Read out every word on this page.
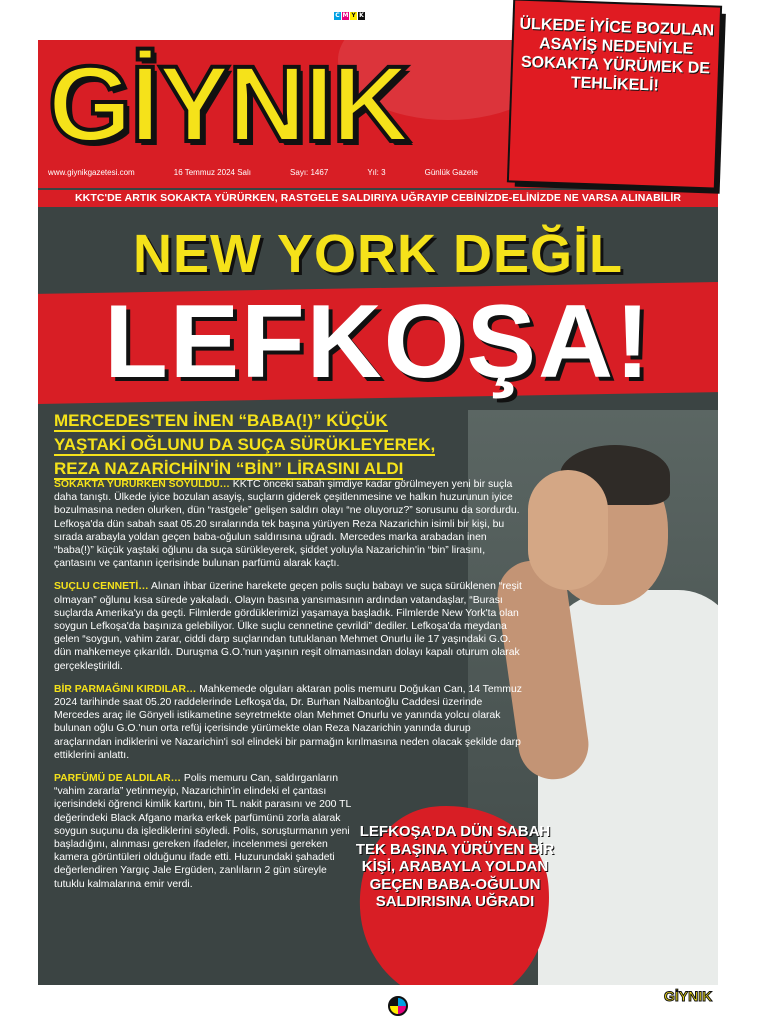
C M Y K
GİYNIK
www.giynikgazetesi.com	16 Temmuz 2024 Salı	Sayı: 1467	Yıl: 3	Günlük Gazete
KKTC'DE ARTIK SOKAKTA YÜRÜRKEN, RASTGELE SALDIRIYA UĞRAYIP CEBİNİZDE-ELİNİZDE NE VARSA ALINABİLİR
NEW YORK DEĞİL
LEFKOŞA!

MERCEDES'TEN İNEN “BABA(!)” KÜÇÜK

YAŞTAKİ OĞLUNU DA SUÇA SÜRÜKLEYEREK,

REZA NAZARİCHİN'İN “BİN” LİRASINI ALDI

SOKAKTA YÜRÜRKEN SOYULDU… KKTC önceki sabah şimdiye kadar görülmeyen yeni bir suçla daha tanıştı. Ülkede iyice bozulan asayiş, suçların giderek çeşitlenmesine ve halkın huzurunun iyice bozulmasına neden olurken, dün “rastgele” gelişen saldırı olayı “ne oluyoruz?” sorusunu da sordurdu. Lefkoşa'da dün sabah saat 05.20 sıralarında tek başına yürüyen Reza Nazarichin isimli bir kişi, bu sırada arabayla yoldan geçen baba-oğulun saldırısına uğradı. Mercedes marka arabadan inen “baba(!)” küçük yaştaki oğlunu da suça sürükleyerek, şiddet yoluyla Nazarichin'in “bin” lirasını, çantasını ve çantanın içerisinde bulunan parfümü alarak kaçtı.

SUÇLU CENNETİ… Alınan ihbar üzerine harekete geçen polis suçlu babayı ve suça sürüklenen “reşit olmayan” oğlunu kısa sürede yakaladı. Olayın basına yansımasının ardından vatandaşlar, “Burası suçlarda Amerika'yı da geçti. Filmlerde gördüklerimizi yaşamaya başladık. Filmlerde New York'ta olan soygun Lefkoşa'da başınıza gelebiliyor. Ülke suçlu cennetine çevrildi” dediler. Lefkoşa'da meydana gelen “soygun, vahim zarar, ciddi darp suçlarından tutuklanan Mehmet Onurlu ile 17 yaşındaki G.O. dün mahkemeye çıkarıldı. Duruşma G.O.'nun yaşının reşit olmamasından dolayı kapalı oturum olarak gerçekleştirildi.

BİR PARMAĞINI KIRDILAR… Mahkemede olguları aktaran polis memuru Doğukan Can, 14 Temmuz 2024 tarihinde saat 05.20 raddelerinde Lefkoşa'da, Dr. Burhan Nalbantoğlu Caddesi üzerinde Mercedes araç ile Gönyeli istikametine seyretmekte olan Mehmet Onurlu ve yanında yolcu olarak bulunan oğlu G.O.'nun orta refüj içerisinde yürümekte olan Reza Nazarichin yanında durup araçlarından indiklerini ve Nazarichin'i sol elindeki bir parmağın kırılmasına neden olacak şekilde darp ettiklerini anlattı.

PARFÜMÜ DE ALDILAR… Polis memuru Can, saldırganların “vahim zararla” yetinmeyip, Nazarichin'in elindeki el çantası içerisindeki öğrenci kimlik kartını, bin TL nakit parasını ve 200 TL değerindeki Black Afgano marka erkek parfümünü zorla alarak soygun suçunu da işlediklerini söyledi. Polis, soruşturmanın yeni başladığını, alınması gereken ifadeler, incelenmesi gereken kamera görüntüleri olduğunu ifade etti. Huzurundaki şahadeti değerlendiren Yargıç Jale Ergüden, zanlıların 2 gün süreyle tutuklu kalmalarına emir verdi.

LEFKOŞA'DA DÜN SABAH TEK BAŞINA YÜRÜYEN BİR KİŞİ, ARABAYLA YOLDAN GEÇEN BABA-OĞULUN SALDIRISINA UĞRADI
ÜLKEDE İYİCE BOZULAN ASAYİŞ NEDENİYLE SOKAKTA YÜRÜMEK DE TEHLİKELİ!
GİYNIK
